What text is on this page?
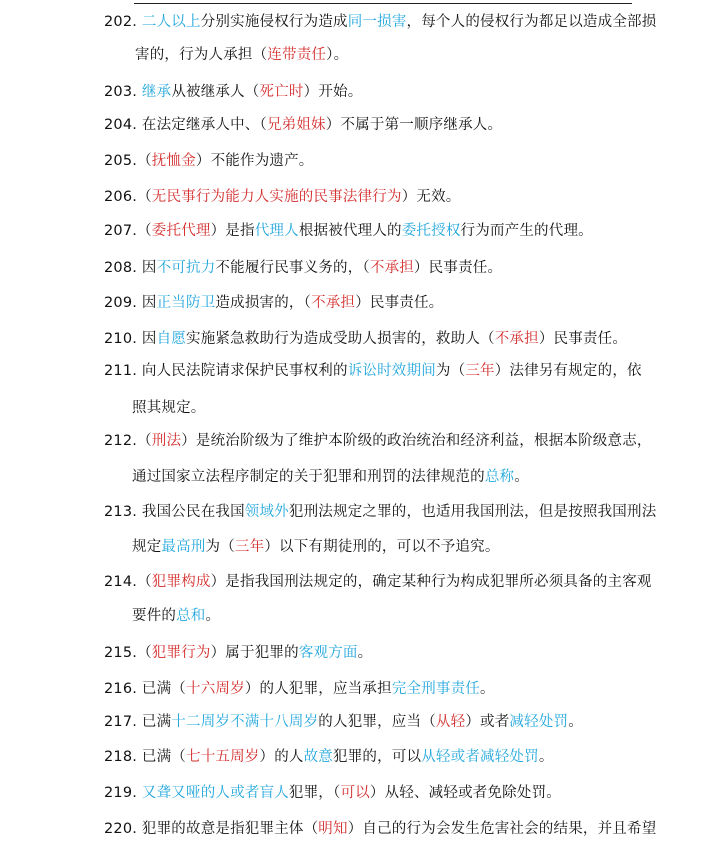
202. 二人以上分别实施侵权行为造成同一损害，每个人的侵权行为都足以造成全部损
害的，行为人承担（连带责任）。
203. 继承从被继承人（死亡时）开始。
204. 在法定继承人中、（兄弟姐妹）不属于第一顺序继承人。
205.（抚恤金）不能作为遗产。
206.（无民事行为能力人实施的民事法律行为）无效。
207.（委托代理）是指代理人根据被代理人的委托授权行为而产生的代理。
208. 因不可抗力不能履行民事义务的，（不承担）民事责任。
209. 因正当防卫造成损害的，（不承担）民事责任。
210. 因自愿实施紧急救助行为造成受助人损害的，救助人（不承担）民事责任。
211. 向人民法院请求保护民事权利的诉讼时效期间为（三年）法律另有规定的，依
照其规定。
212.（刑法）是统治阶级为了维护本阶级的政治统治和经济利益，根据本阶级意志，
通过国家立法程序制定的关于犯罪和刑罚的法律规范的总称。
213. 我国公民在我国领域外犯刑法规定之罪的，也适用我国刑法，但是按照我国刑法
规定最高刑为（三年）以下有期徒刑的，可以不予追究。
214.（犯罪构成）是指我国刑法规定的，确定某种行为构成犯罪所必须具备的主客观
要件的总和。
215.（犯罪行为）属于犯罪的客观方面。
216. 已满（十六周岁）的人犯罪，应当承担完全刑事责任。
217. 已满十二周岁不满十八周岁的人犯罪，应当（从轻）或者减轻处罚。
218. 已满（七十五周岁）的人故意犯罪的，可以从轻或者减轻处罚。
219. 又聋又哑的人或者盲人犯罪，（可以）从轻、减轻或者免除处罚。
220. 犯罪的故意是指犯罪主体（明知）自己的行为会发生危害社会的结果，并且希望
